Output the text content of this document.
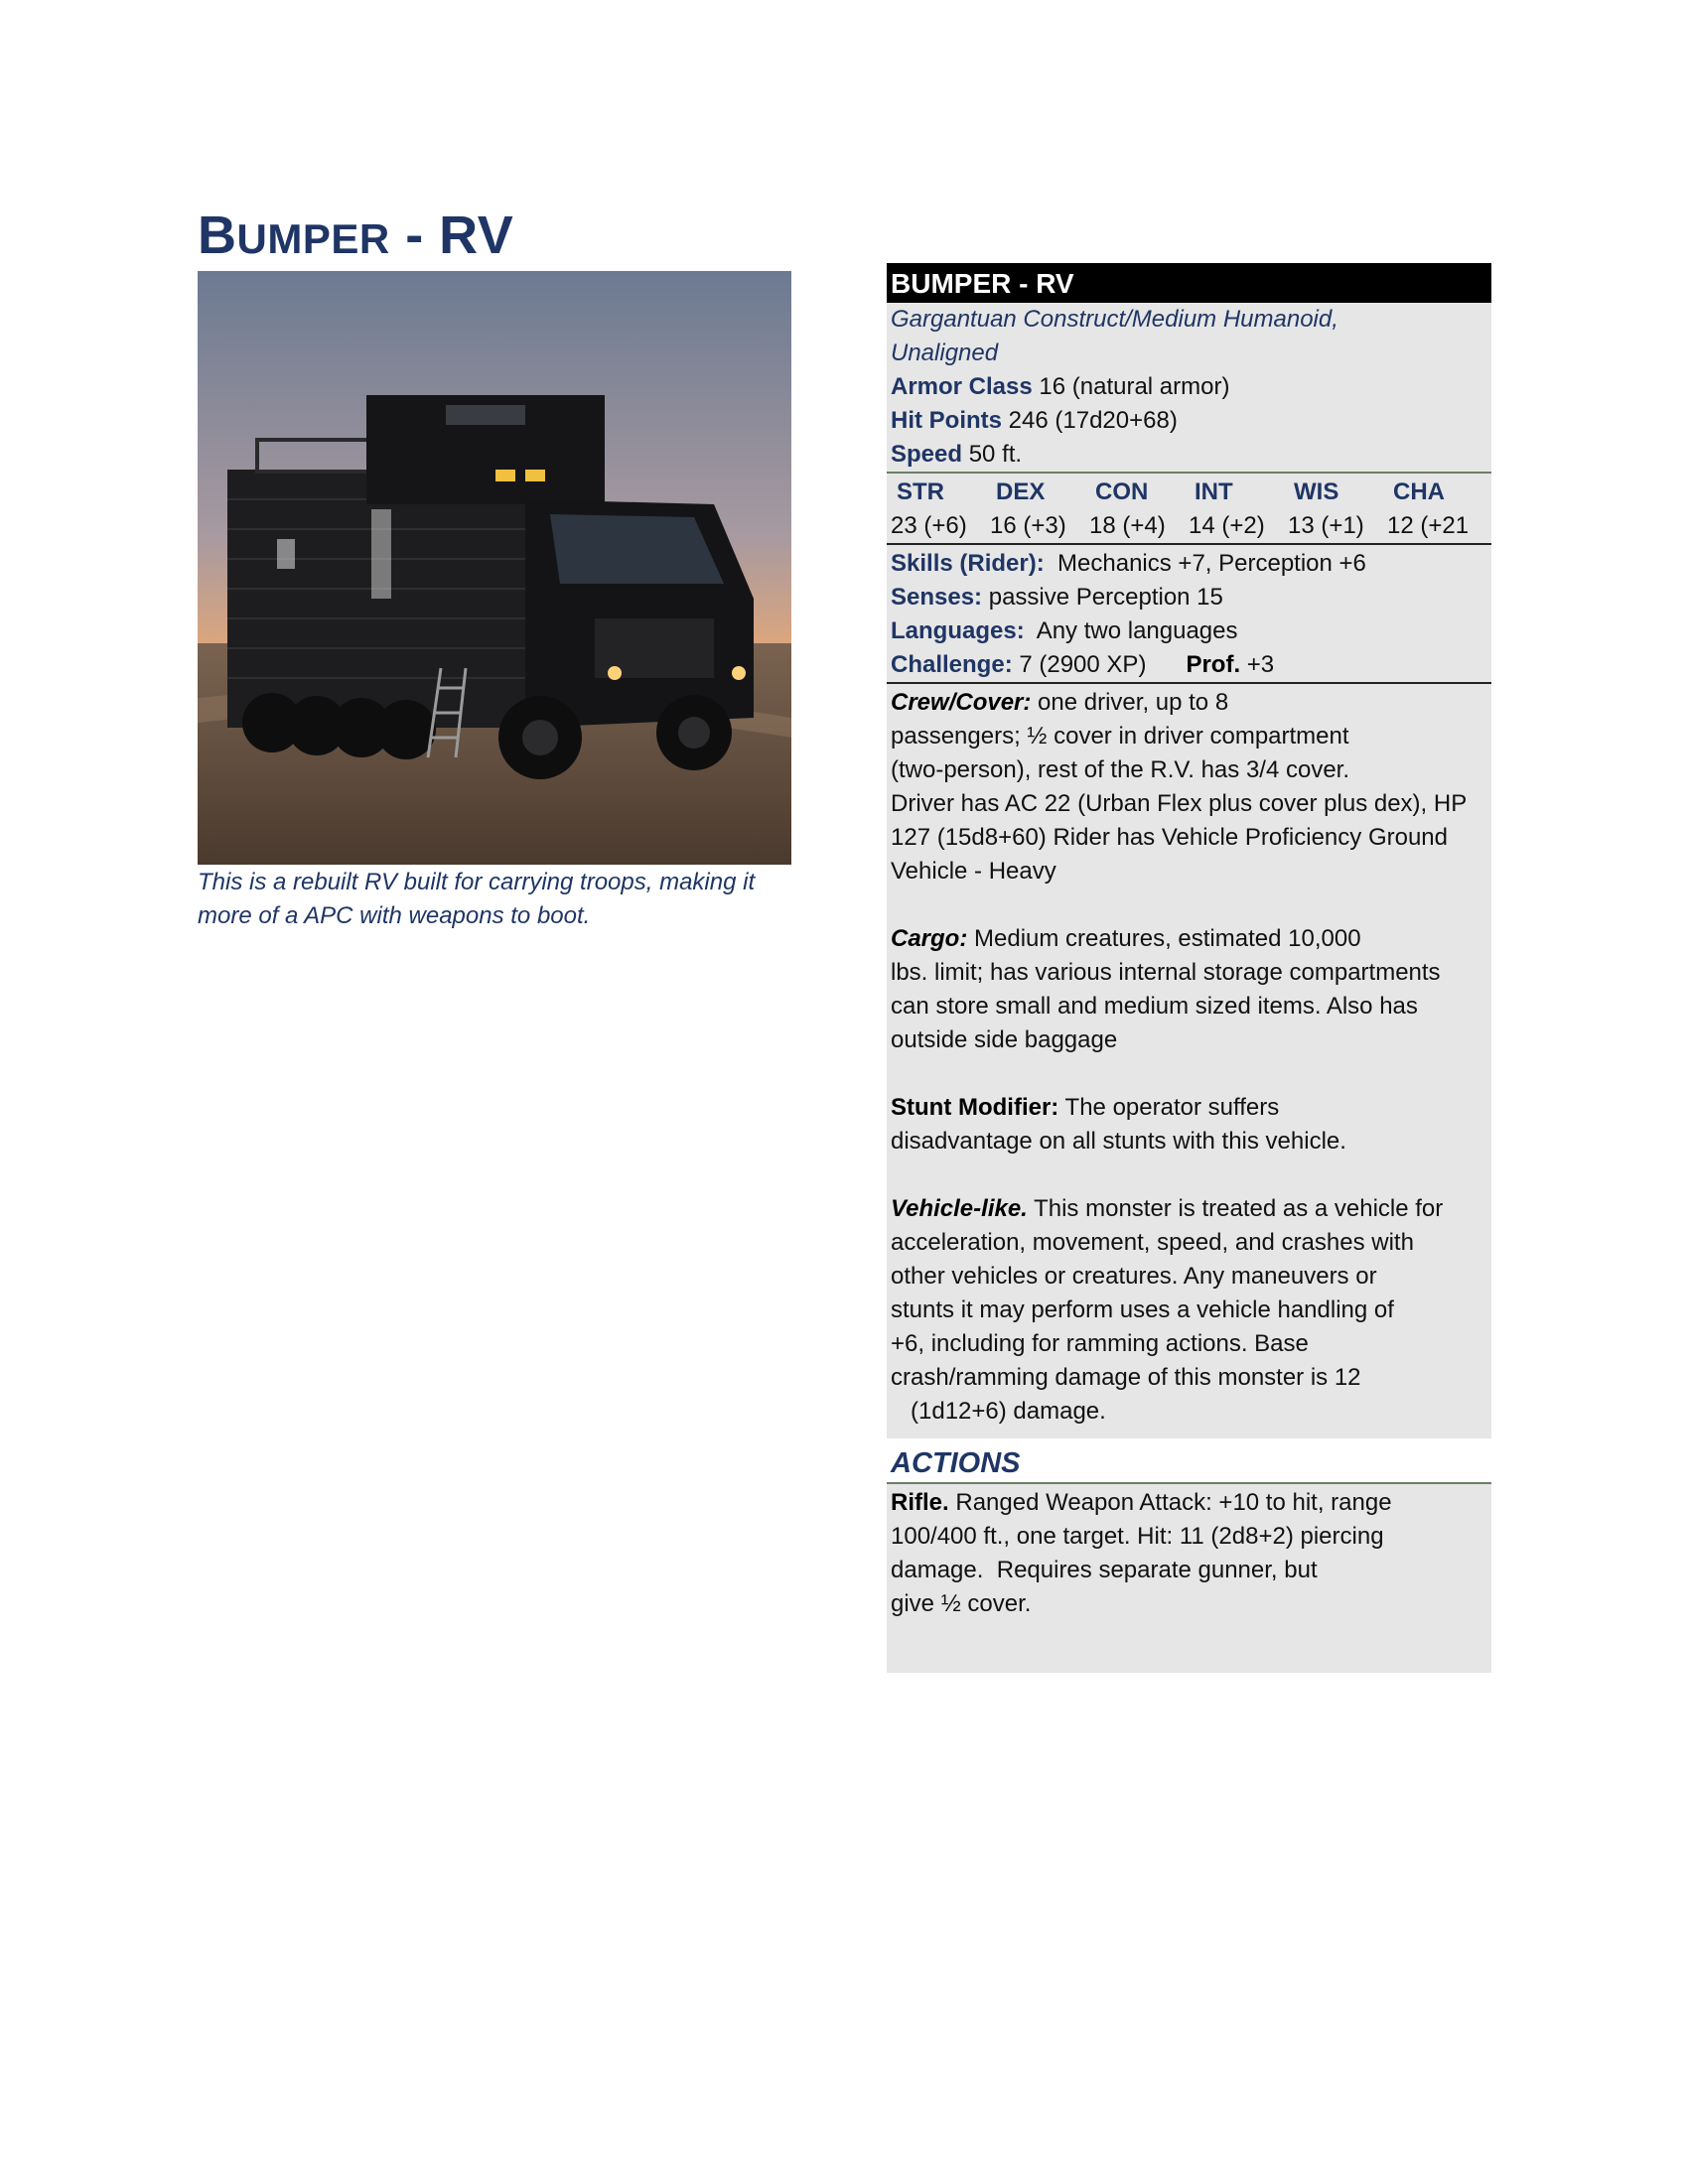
BUMPER - RV

This is a rebuilt RV built for carrying troops, making it more of a APC with weapons to boot.

BUMPER - RV
Gargantuan Construct/Medium Humanoid,
Unaligned
Armor Class 16 (natural armor)
Hit Points 246 (17d20+68)
Speed 50 ft.
STR	DEX	CON	INT	WIS	CHA
23 (+6) 16 (+3) 18 (+4) 14 (+2) 13 (+1) 12 (+21
Skills (Rider):  Mechanics +7, Perception +6
Senses: passive Perception 15
Languages:  Any two languages
Challenge: 7 (2900 XP) Prof. +3
Crew/Cover: one driver, up to 8
passengers; ½ cover in driver compartment
(two-person), rest of the R.V. has 3/4 cover.
Driver has AC 22 (Urban Flex plus cover plus dex), HP
127 (15d8+60) Rider has Vehicle Proficiency Ground
Vehicle - Heavy
Cargo: Medium creatures, estimated 10,000
lbs. limit; has various internal storage compartments
can store small and medium sized items. Also has
outside side baggage
Stunt Modifier: The operator suffers
disadvantage on all stunts with this vehicle.
Vehicle-like. This monster is treated as a vehicle for
acceleration, movement, speed, and crashes with
other vehicles or creatures. Any maneuvers or
stunts it may perform uses a vehicle handling of
+6, including for ramming actions. Base
crash/ramming damage of this monster is 12
(1d12+6) damage.
ACTIONS
Rifle. Ranged Weapon Attack: +10 to hit, range
100/400 ft., one target. Hit: 11 (2d8+2) piercing
damage.  Requires separate gunner, but
give ½ cover.
